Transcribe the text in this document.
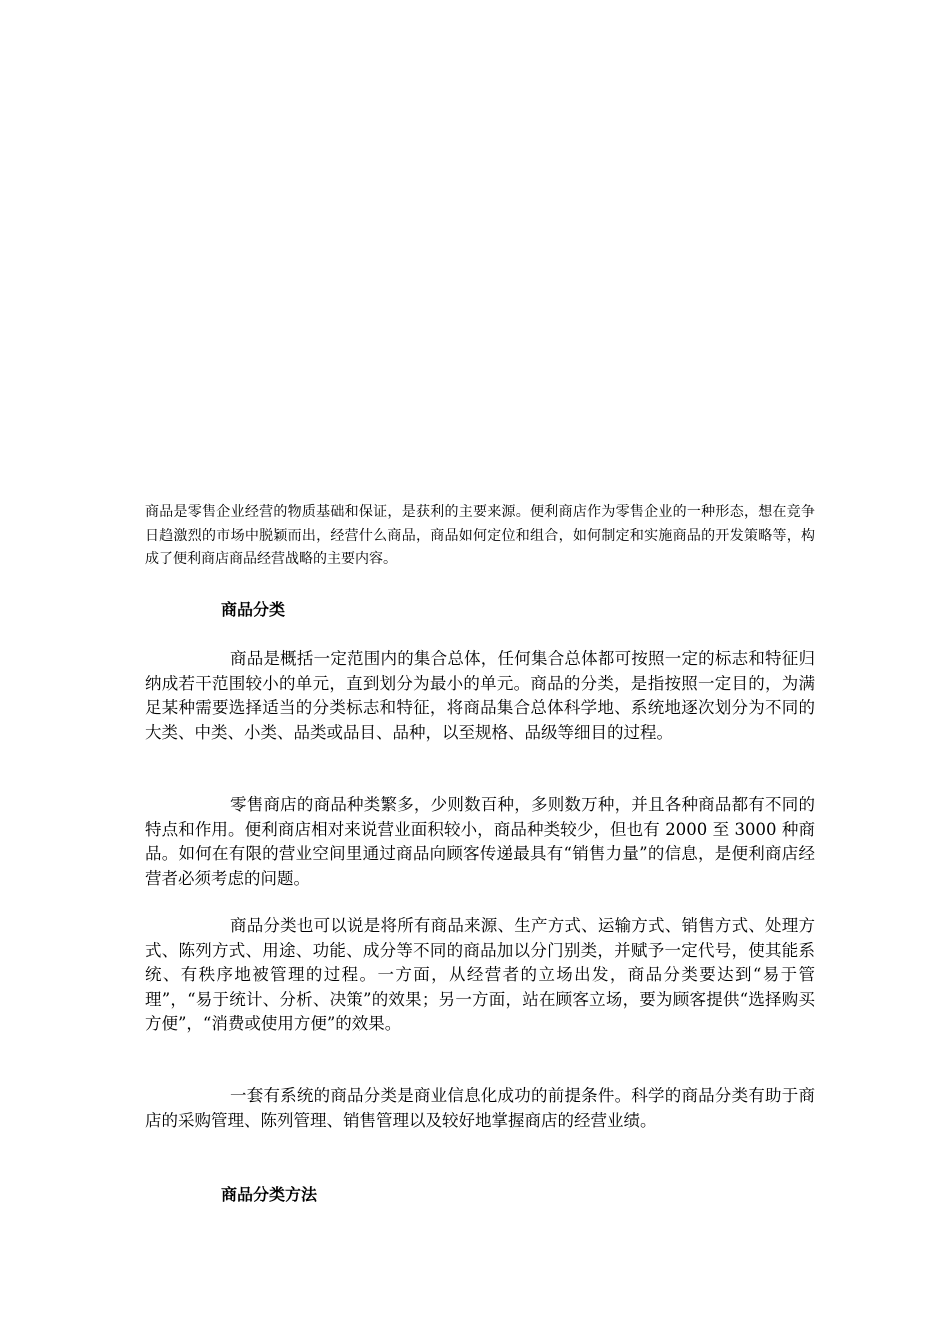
商品是零售企业经营的物质基础和保证，是获利的主要来源。便利商店作为零售企业的一种形态，想在竞争日趋激烈的市场中脱颖而出，经营什么商品，商品如何定位和组合，如何制定和实施商品的开发策略等，构成了便利商店商品经营战略的主要内容。

商品分类

商品是概括一定范围内的集合总体，任何集合总体都可按照一定的标志和特征归纳成若干范围较小的单元，直到划分为最小的单元。商品的分类，是指按照一定目的，为满足某种需要选择适当的分类标志和特征，将商品集合总体科学地、系统地逐次划分为不同的大类、中类、小类、品类或品目、品种，以至规格、品级等细目的过程。

零售商店的商品种类繁多，少则数百种，多则数万种，并且各种商品都有不同的特点和作用。便利商店相对来说营业面积较小，商品种类较少，但也有 2000 至 3000 种商品。如何在有限的营业空间里通过商品向顾客传递最具有“销售力量”的信息，是便利商店经营者必须考虑的问题。

商品分类也可以说是将所有商品来源、生产方式、运输方式、销售方式、处理方式、陈列方式、用途、功能、成分等不同的商品加以分门别类，并赋予一定代号，使其能系统、有秩序地被管理的过程。一方面，从经营者的立场出发，商品分类要达到“易于管理”，“易于统计、分析、决策”的效果；另一方面，站在顾客立场，要为顾客提供“选择购买方便”，“消费或使用方便”的效果。

一套有系统的商品分类是商业信息化成功的前提条件。科学的商品分类有助于商店的采购管理、陈列管理、销售管理以及较好地掌握商店的经营业绩。

商品分类方法
